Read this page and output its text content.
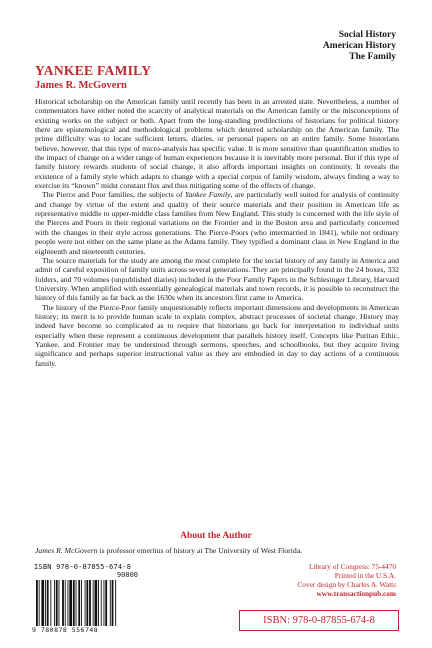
Social History
American History
The Family
YANKEE FAMILY
James R. McGovern

Historical scholarship on the American family until recently has been in an arrested state. Nevertheless, a number of commentators have either noted the scarcity of analytical materials on the American family or the misconceptions of existing works on the subject or both. Apart from the long-standing predilections of historians for political history there are epistemological and methodological problems which deterred scholarship on the American family. The prime difficulty was to locate sufficient letters, diaries, or personal papers on an entire family. Some historians believe, however, that this type of micro-analysis has specific value. It is more sensitive than quantification studies to the impact of change on a wider range of human experiences because it is inevitably more personal. But if this type of family history rewards students of social change, it also affords important insights on continuity. It reveals the existence of a family style which adapts to change with a special corpus of family wisdom, always finding a way to exercise its “known” midst constant flux and thus mitigating some of the effects of change.

The Pierce and Poor families, the subjects of Yankee Family, are particularly well suited for analysis of continuity and change by virtue of the extent and quality of their source materials and their position in American life as representative middle to upper-middle class families from New England. This study is concerned with the life style of the Pierces and Poors in their regional variations on the Frontier and in the Boston area and particularly concerned with the changes in their style across generations. The Pierce-Poors (who intermarried in 1841), while not ordinary people were not either on the same plane as the Adams family. They typified a dominant class in New England in the eighteenth and nineteenth centuries.

The source materials for the study are among the most complete for the social history of any family in America and admit of careful exposition of family units across several generations. They are principally found in the 24 boxes, 332 folders, and 70 volumes (unpublished diaries) included in the Poor Family Papers in the Schlesinger Library, Harvard University. When amplified with essentially genealogical materials and town records, it is possible to reconstruct the history of this family as far back as the 1630s when its ancestors first came to America.

The history of the Pierce-Poor family unquestionably reflects important dimensions and developments in American history; its merit is to provide human scale to explain complex, abstract processes of societal change. History may indeed have become so complicated as to require that historians go back for interpretation to individual units especially when these represent a continuous development that parallels history itself. Concepts like Puritan Ethic, Yankee, and Frontier may be understood through sermons, speeches, and schoolbooks, but they acquire living significance and perhaps superior instructional value as they are embodied in day to day actions of a continuous family.

About the Author
James R. McGovern is professor emeritus of history at The University of West Florida.
ISBN 978-0-87855-674-8
90000
9 780878 556748
Library of Congress: 75-4470
Printed in the U.S.A.
Cover design by Charles A. Watts
www.transactionpub.com
ISBN: 978-0-87855-674-8
